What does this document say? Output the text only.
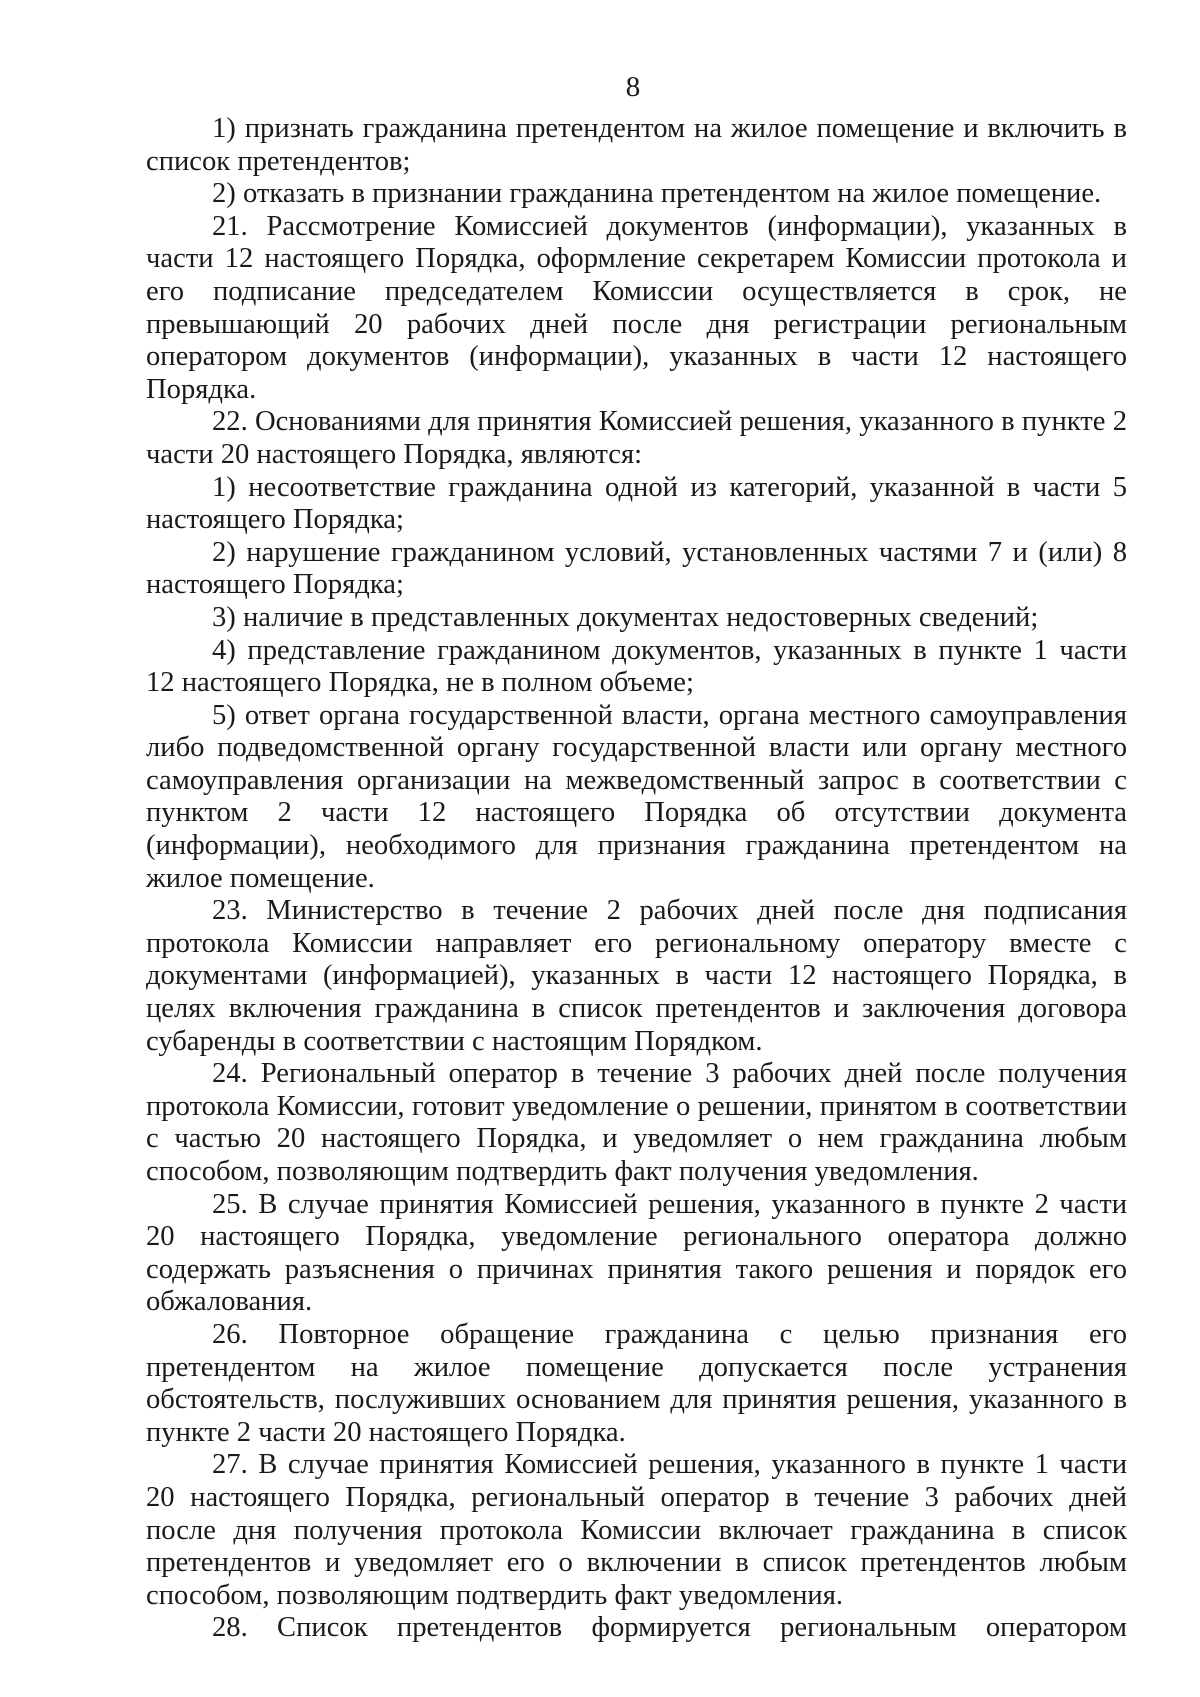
8

1) признать гражданина претендентом на жилое помещение и включить в список претендентов;

2) отказать в признании гражданина претендентом на жилое помещение.

21. Рассмотрение Комиссией документов (информации), указанных в части 12 настоящего Порядка, оформление секретарем Комиссии протокола и его подписание председателем Комиссии осуществляется в срок, не превышающий 20 рабочих дней после дня регистрации региональным оператором документов (информации), указанных в части 12 настоящего Порядка.

22. Основаниями для принятия Комиссией решения, указанного в пункте 2 части 20 настоящего Порядка, являются:

1) несоответствие гражданина одной из категорий, указанной в части 5 настоящего Порядка;

2) нарушение гражданином условий, установленных частями 7 и (или) 8 настоящего Порядка;

3) наличие в представленных документах недостоверных сведений;

4) представление гражданином документов, указанных в пункте 1 части 12 настоящего Порядка, не в полном объеме;

5) ответ органа государственной власти, органа местного самоуправления либо подведомственной органу государственной власти или органу местного самоуправления организации на межведомственный запрос в соответствии с пунктом 2 части 12 настоящего Порядка об отсутствии документа (информации), необходимого для признания гражданина претендентом на жилое помещение.

23. Министерство в течение 2 рабочих дней после дня подписания протокола Комиссии направляет его региональному оператору вместе с документами (информацией), указанных в части 12 настоящего Порядка, в целях включения гражданина в список претендентов и заключения договора субаренды в соответствии с настоящим Порядком.

24. Региональный оператор в течение 3 рабочих дней после получения протокола Комиссии, готовит уведомление о решении, принятом в соответствии с частью 20 настоящего Порядка, и уведомляет о нем гражданина любым способом, позволяющим подтвердить факт получения уведомления.

25. В случае принятия Комиссией решения, указанного в пункте 2 части 20 настоящего Порядка, уведомление регионального оператора должно содержать разъяснения о причинах принятия такого решения и порядок его обжалования.

26. Повторное обращение гражданина с целью признания его претендентом на жилое помещение допускается после устранения обстоятельств, послуживших основанием для принятия решения, указанного в пункте 2 части 20 настоящего Порядка.

27. В случае принятия Комиссией решения, указанного в пункте 1 части 20 настоящего Порядка, региональный оператор в течение 3 рабочих дней после дня получения протокола Комиссии включает гражданина в список претендентов и уведомляет его о включении в список претендентов любым способом, позволяющим подтвердить факт уведомления.

28. Список претендентов формируется региональным оператором
